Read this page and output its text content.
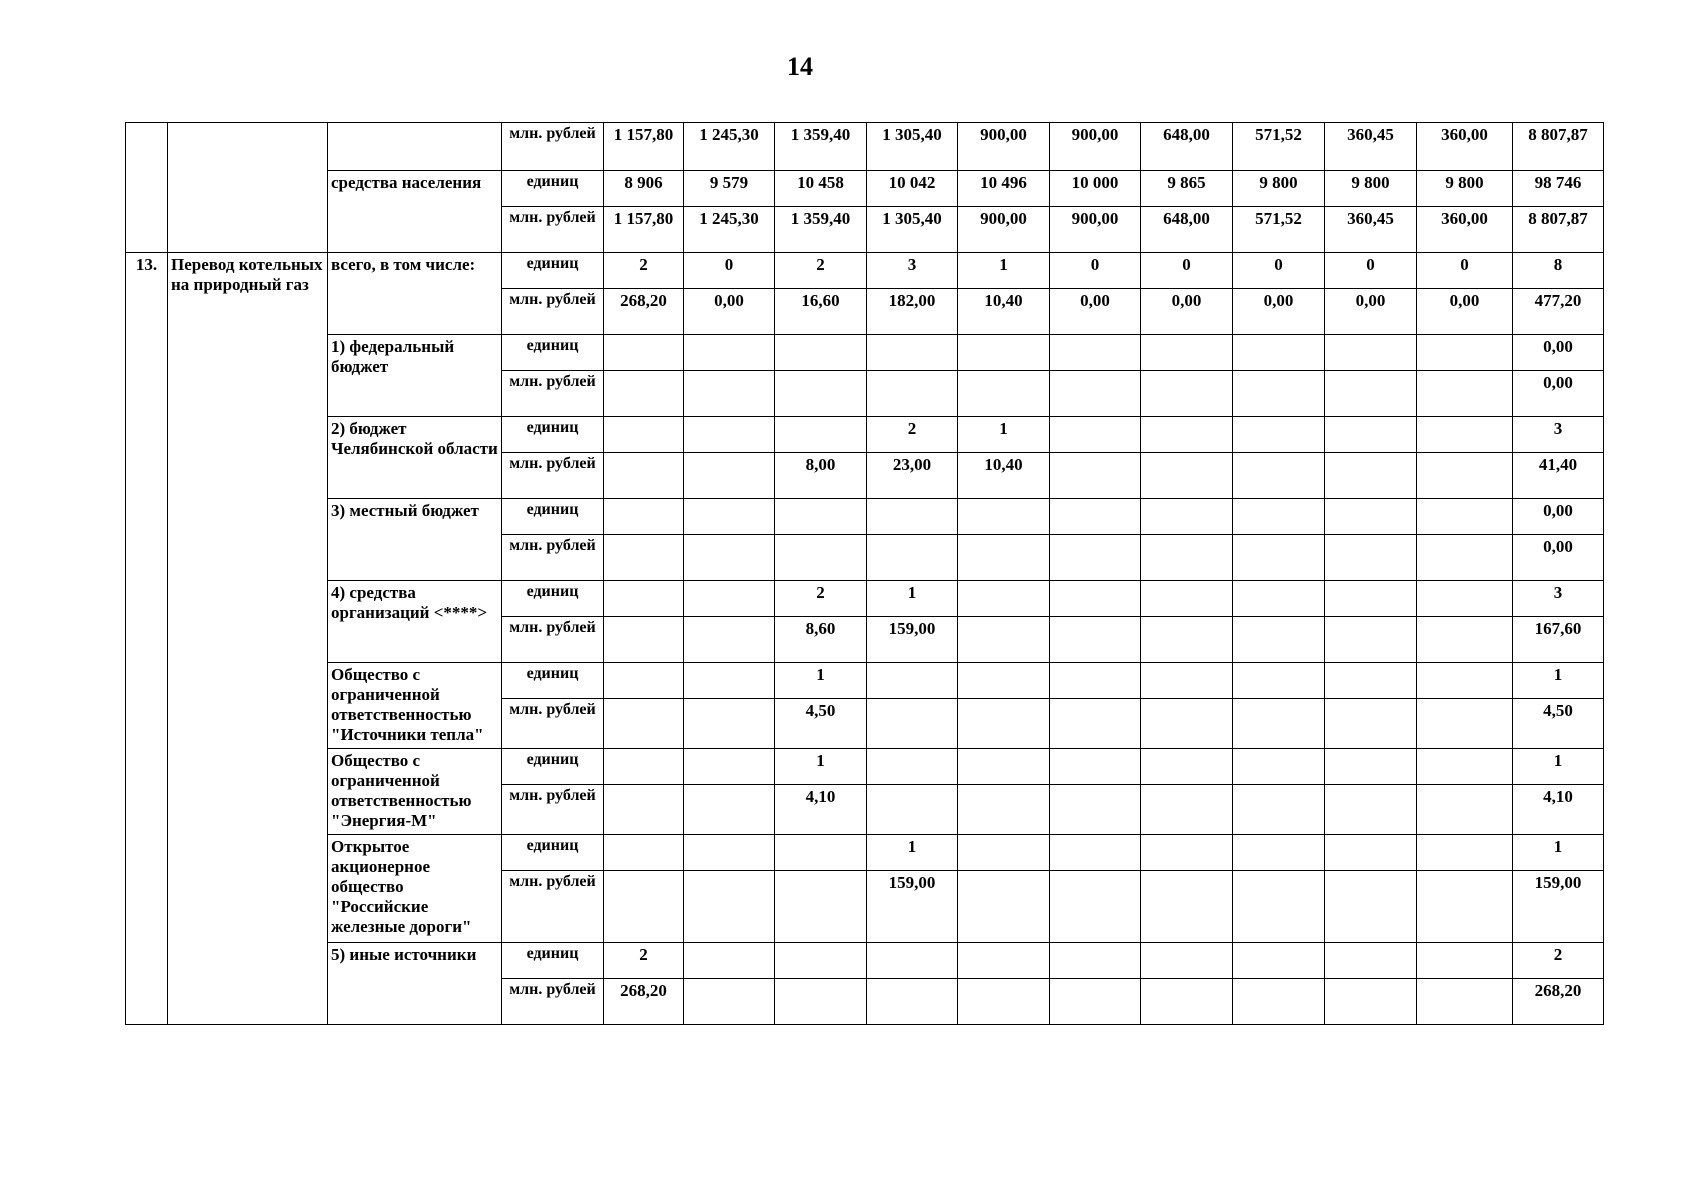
14
			млн. рублей	1 157,80	1 245,30	1 359,40	1 305,40	900,00	900,00	648,00	571,52	360,45	360,00	8 807,87
		средства населения	единиц	8 906	9 579	10 458	10 042	10 496	10 000	9 865	9 800	9 800	9 800	98 746
			млн. рублей	1 157,80	1 245,30	1 359,40	1 305,40	900,00	900,00	648,00	571,52	360,45	360,00	8 807,87
13.	Перевод котельных на природный газ	всего, в том числе:	единиц	2	0	2	3	1	0	0	0	0	0	8
			млн. рублей	268,20	0,00	16,60	182,00	10,40	0,00	0,00	0,00	0,00	0,00	477,20
		1) федеральный бюджет	единиц											0,00
			млн. рублей											0,00
		2) бюджет Челябинской области	единиц				2	1						3
			млн. рублей			8,00	23,00	10,40						41,40
		3) местный бюджет	единиц											0,00
			млн. рублей											0,00
		4) средства организаций <****>	единиц			2	1							3
			млн. рублей			8,60	159,00							167,60
		Общество с ограниченной ответственностью "Источники тепла"	единиц			1								1
			млн. рублей			4,50								4,50
		Общество с ограниченной ответственностью "Энергия-М"	единиц			1								1
			млн. рублей			4,10								4,10
		Открытое акционерное общество "Российские железные дороги"	единиц				1							1
			млн. рублей				159,00							159,00
		5) иные источники	единиц	2										2
			млн. рублей	268,20										268,20
